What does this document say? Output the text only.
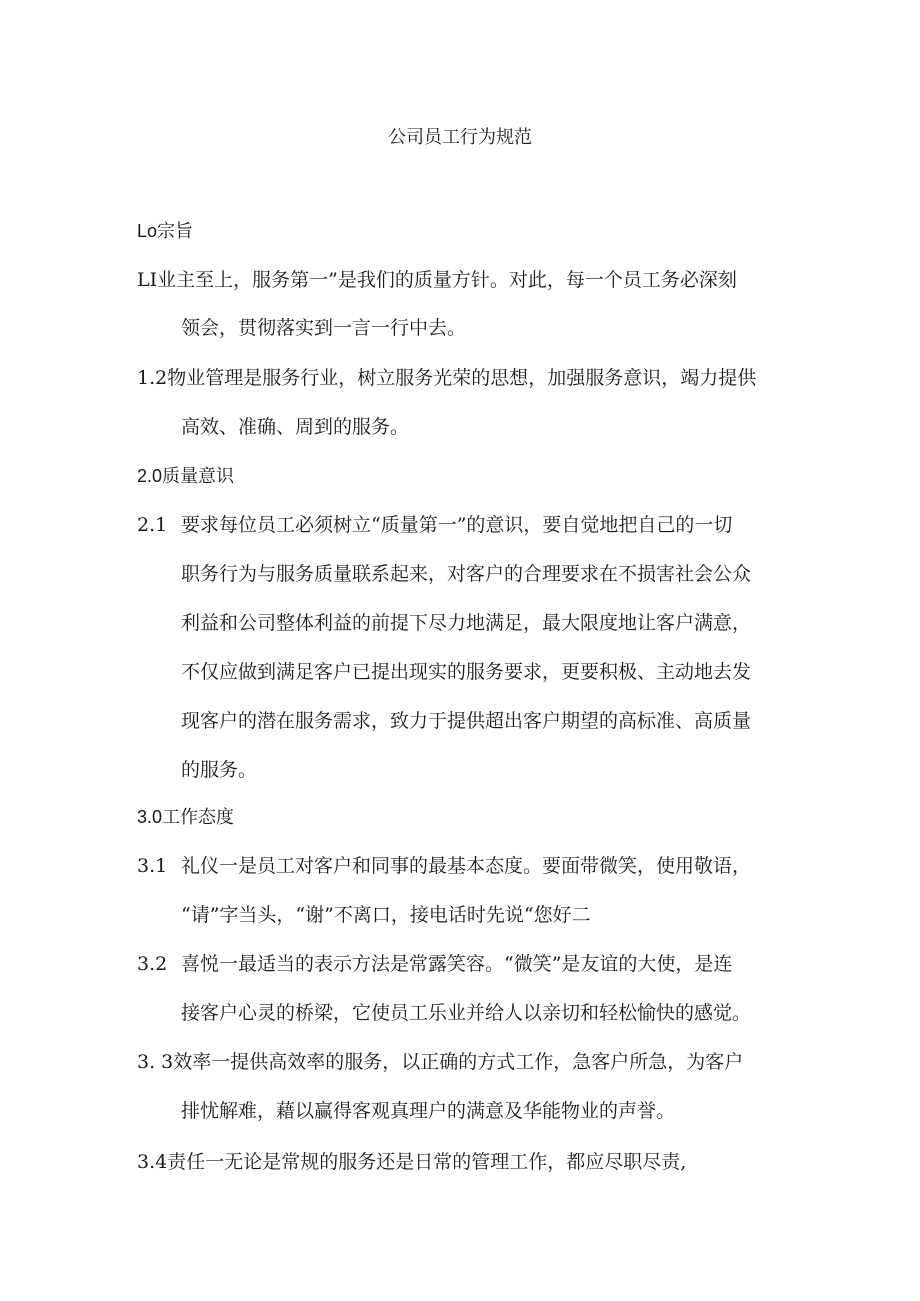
公司员工行为规范
Lo宗旨
LI业主至上，服务第一”是我们的质量方针。对此，每一个员工务必深刻
领会，贯彻落实到一言一行中去。
1.2物业管理是服务行业，树立服务光荣的思想，加强服务意识，竭力提供
高效、准确、周到的服务。
2.0质量意识
2.1 要求每位员工必须树立“质量第一”的意识，要自觉地把自己的一切
职务行为与服务质量联系起来，对客户的合理要求在不损害社会公众
利益和公司整体利益的前提下尽力地满足，最大限度地让客户满意，
不仅应做到满足客户已提出现实的服务要求，更要积极、主动地去发
现客户的潜在服务需求，致力于提供超出客户期望的高标准、高质量
的服务。
3.0工作态度
3.1 礼仪一是员工对客户和同事的最基本态度。要面带微笑，使用敬语，
“请”字当头，“谢”不离口，接电话时先说“您好二
3.2 喜悦一最适当的表示方法是常露笑容。“微笑”是友谊的大使，是连
接客户心灵的桥梁，它使员工乐业并给人以亲切和轻松愉快的感觉。
3. 3效率一提供高效率的服务，以正确的方式工作，急客户所急，为客户
排忧解难，藉以赢得客观真理户的满意及华能物业的声誉。
3.4责任一无论是常规的服务还是日常的管理工作，都应尽职尽责,
